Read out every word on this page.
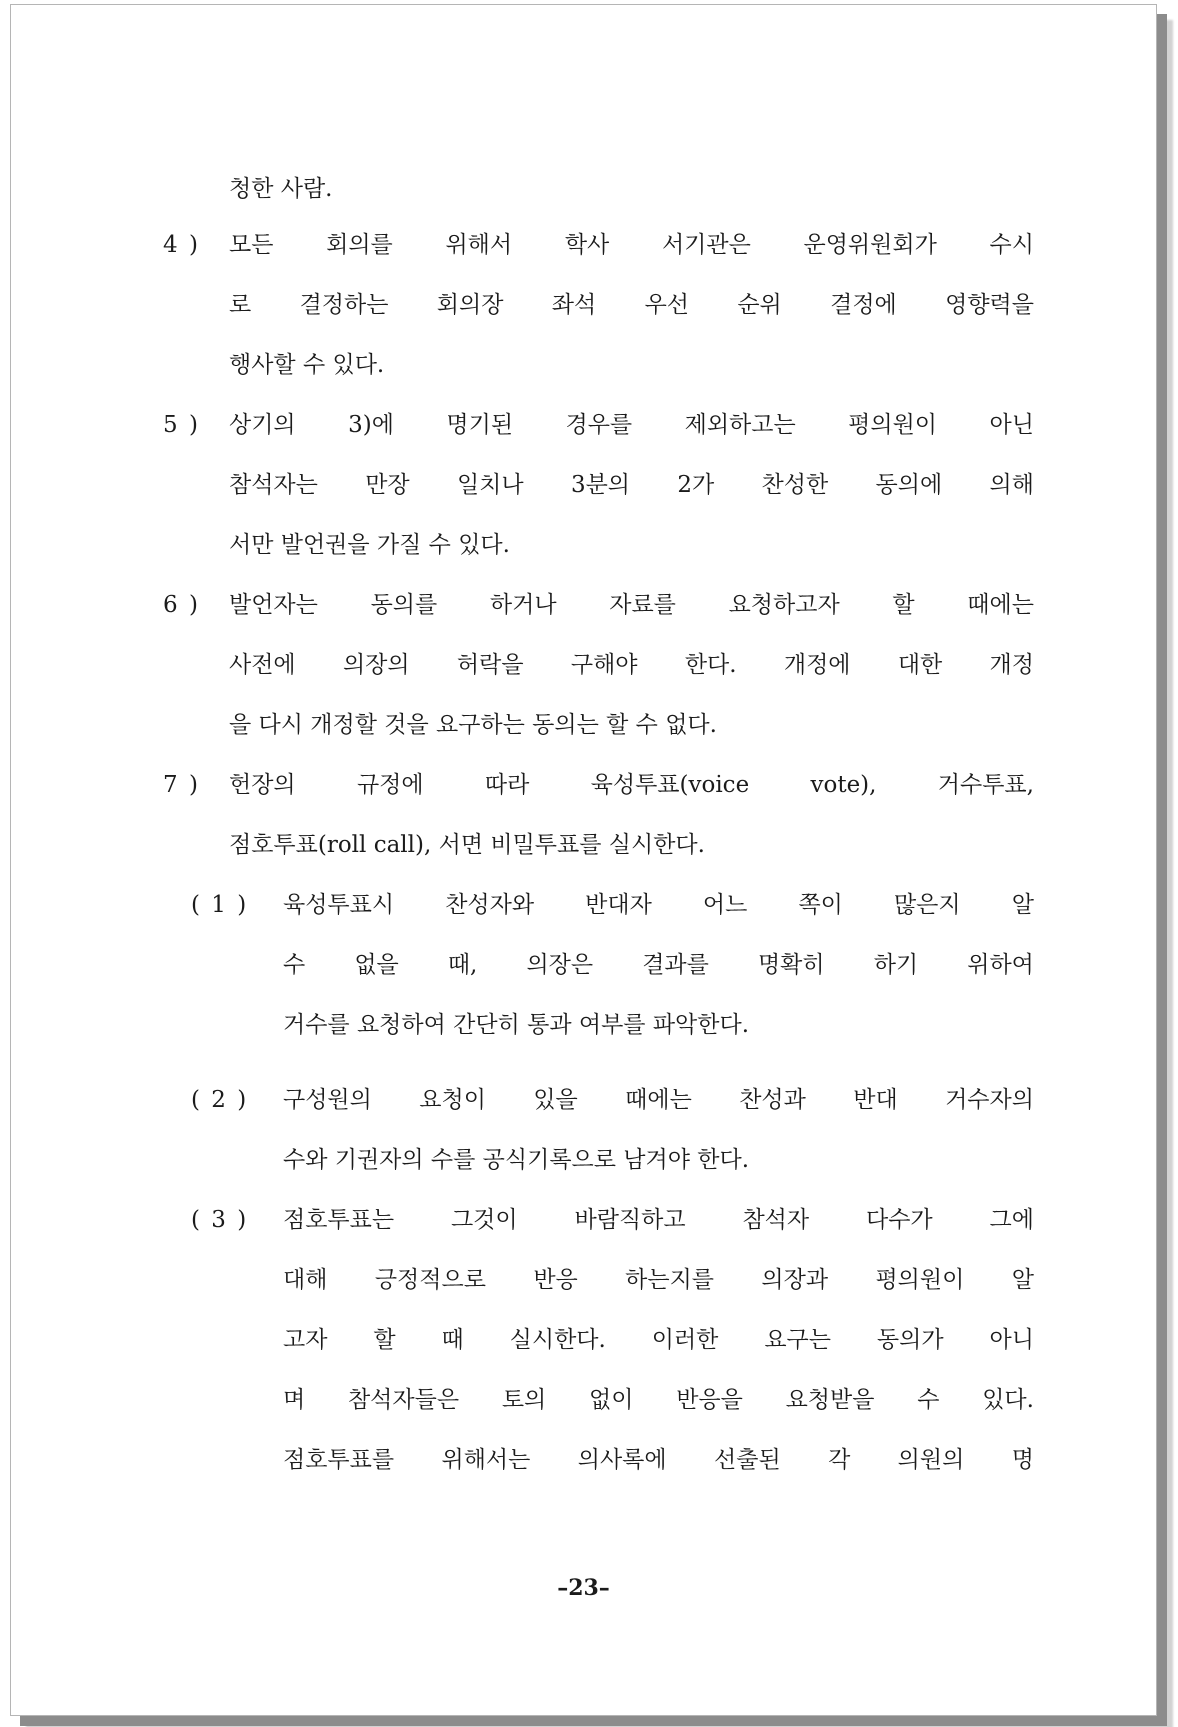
청한 사람.
4 ) 모든 회의를 위해서 학사 서기관은 운영위원회가 수시
로 결정하는 회의장 좌석 우선 순위 결정에 영향력을
행사할 수 있다.
5 ) 상기의 3)에 명기된 경우를 제외하고는 평의원이 아닌
참석자는 만장 일치나 3분의 2가 찬성한 동의에 의해
서만 발언권을 가질 수 있다.
6 ) 발언자는 동의를 하거나 자료를 요청하고자 할 때에는
사전에 의장의 허락을 구해야 한다. 개정에 대한 개정
을 다시 개정할 것을 요구하는 동의는 할 수 없다.
7 ) 헌장의	규정에	따라	육성투표(voice	vote),	거수투표,
점호투표(roll call), 서면 비밀투표를 실시한다.
( 1 ) 육성투표시 찬성자와 반대자 어느 쪽이 많은지 알
수 없을 때, 의장은 결과를 명확히 하기 위하여
거수를 요청하여 간단히 통과 여부를 파악한다.
( 2 ) 구성원의 요청이 있을 때에는 찬성과 반대 거수자의
수와 기권자의 수를 공식기록으로 남겨야 한다.
( 3 ) 점호투표는 그것이 바람직하고 참석자 다수가 그에
대해 긍정적으로 반응 하는지를 의장과 평의원이 알
고자 할 때 실시한다. 이러한 요구는 동의가 아니
며 참석자들은 토의 없이 반응을 요청받을 수 있다.
점호투표를 위해서는 의사록에 선출된 각 의원의 명
–23–
